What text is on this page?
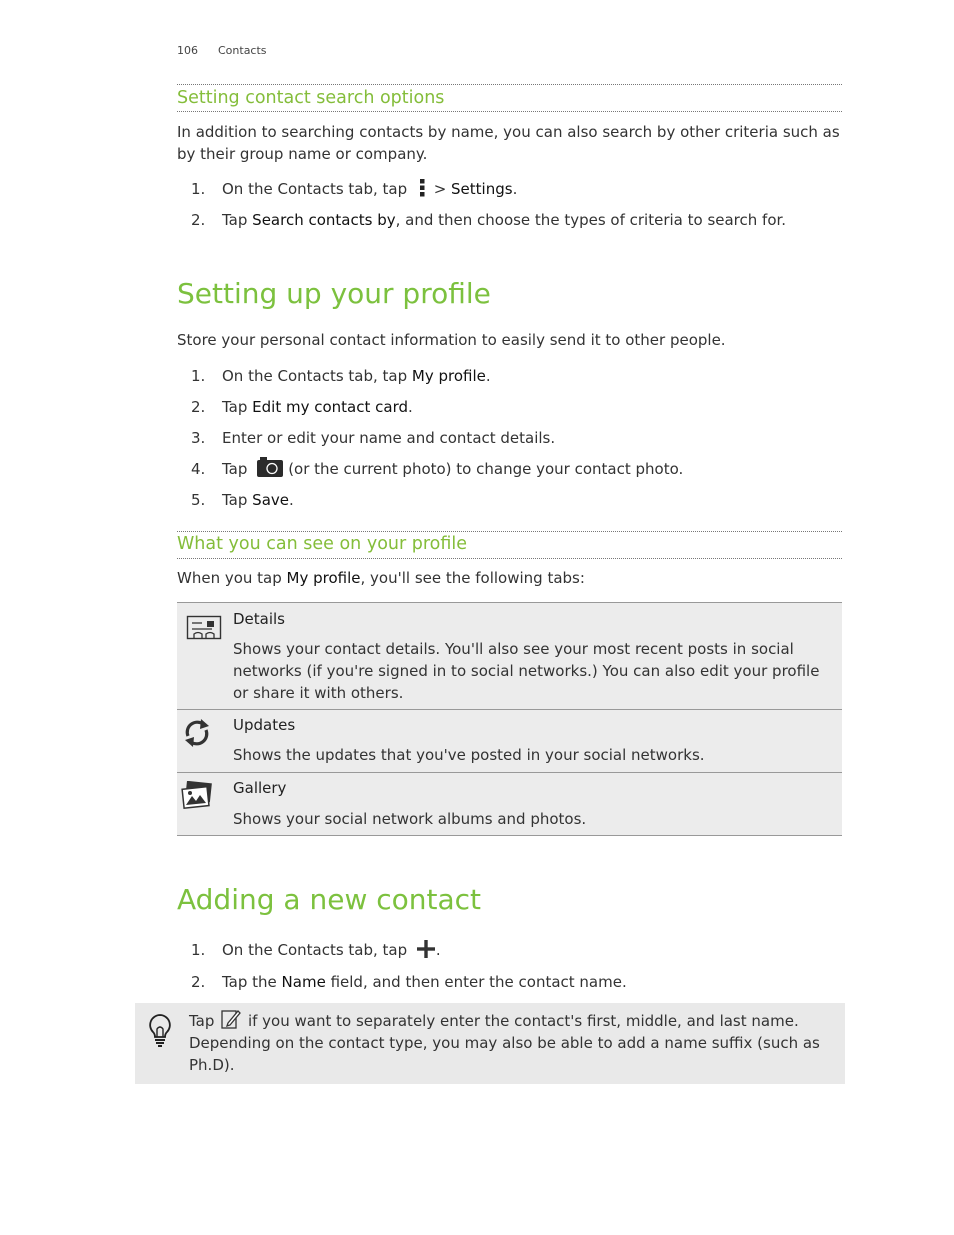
106 Contacts
Setting contact search options
In addition to searching contacts by name, you can also search by other criteria such as by their group name or company.
1. On the Contacts tab, tap  > Settings.
2. Tap Search contacts by, and then choose the types of criteria to search for.
Setting up your profile
Store your personal contact information to easily send it to other people.
1. On the Contacts tab, tap My profile.
2. Tap Edit my contact card.
3. Enter or edit your name and contact details.
4. Tap	(or the current photo) to change your contact photo.
5. Tap Save.
What you can see on your profile
When you tap My profile, you'll see the following tabs:
Details
Shows your contact details. You'll also see your most recent posts in social networks (if you're signed in to social networks.) You can also edit your profile or share it with others.
Updates
Shows the updates that you've posted in your social networks.
Gallery
Shows your social network albums and photos.
Adding a new contact
1. On the Contacts tab, tap .
2. Tap the Name field, and then enter the contact name.
Tap  if you want to separately enter the contact's first, middle, and last name. Depending on the contact type, you may also be able to add a name suffix (such as Ph.D).
